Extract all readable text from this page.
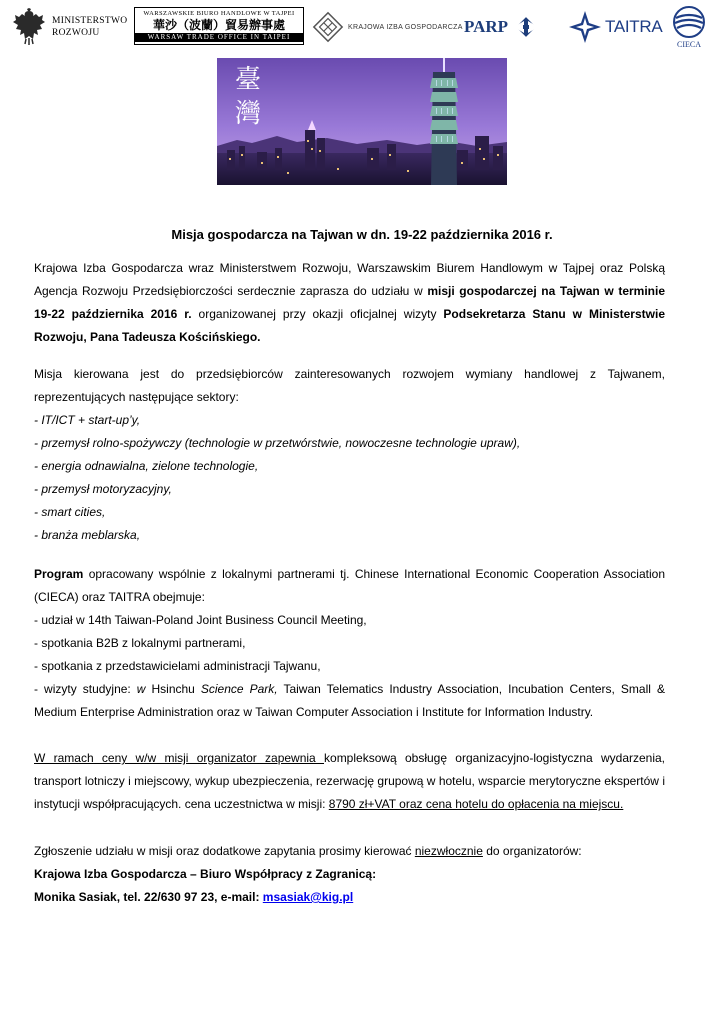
MINISTERSTWO
ROZWOJU
WARSZAWSKIE BIURO HANDLOWE W TAJPEI
華沙（波蘭）貿易辦事處
WARSAW TRADE OFFICE IN TAIPEI
KRAJOWA IZBA GOSPODARCZA PARP	TAITRA
CIECA
臺
灣
Misja gospodarcza na Tajwan w dn. 19-22 października 2016 r.
Krajowa Izba Gospodarcza wraz Ministerstwem Rozwoju, Warszawskim Biurem Handlowym w Tajpej oraz Polską Agencja Rozwoju Przedsiębiorczości serdecznie zaprasza do udziału w misji gospodarczej na Tajwan w terminie 19-22 października 2016 r. organizowanej przy okazji oficjalnej wizyty Podsekretarza Stanu w Ministerstwie Rozwoju, Pana Tadeusza Kościńskiego.
Misja kierowana jest do przedsiębiorców zainteresowanych rozwojem wymiany handlowej z Tajwanem, reprezentujących następujące sektory:
- IT/ICT + start-up’y,
- przemysł rolno-spożywczy (technologie w przetwórstwie, nowoczesne technologie upraw),
- energia odnawialna, zielone technologie,
- przemysł motoryzacyjny,
- smart cities,
- branża meblarska,
Program opracowany wspólnie z lokalnymi partnerami tj. Chinese International Economic Cooperation Association (CIECA) oraz TAITRA obejmuje:
- udział w 14th Taiwan-Poland Joint Business Council Meeting,
- spotkania B2B z lokalnymi partnerami,
- spotkania z przedstawicielami administracji Tajwanu,
- wizyty studyjne: w Hsinchu Science Park, Taiwan Telematics Industry Association, Incubation Centers, Small & Medium Enterprise Administration oraz w Taiwan Computer Association i Institute for Information Industry.
W ramach ceny w/w misji organizator zapewnia kompleksową obsługę organizacyjno-logistyczna wydarzenia, transport lotniczy i miejscowy, wykup ubezpieczenia, rezerwację grupową w hotelu, wsparcie merytoryczne ekspertów i instytucji współpracujących. cena uczestnictwa w misji: 8790 zł+VAT oraz cena hotelu do opłacenia na miejscu.
Zgłoszenie udziału w misji oraz dodatkowe zapytania prosimy kierować niezwłocznie do organizatorów:
Krajowa Izba Gospodarcza – Biuro Współpracy z Zagranicą:
Monika Sasiak, tel. 22/630 97 23, e-mail: msasiak@kig.pl
